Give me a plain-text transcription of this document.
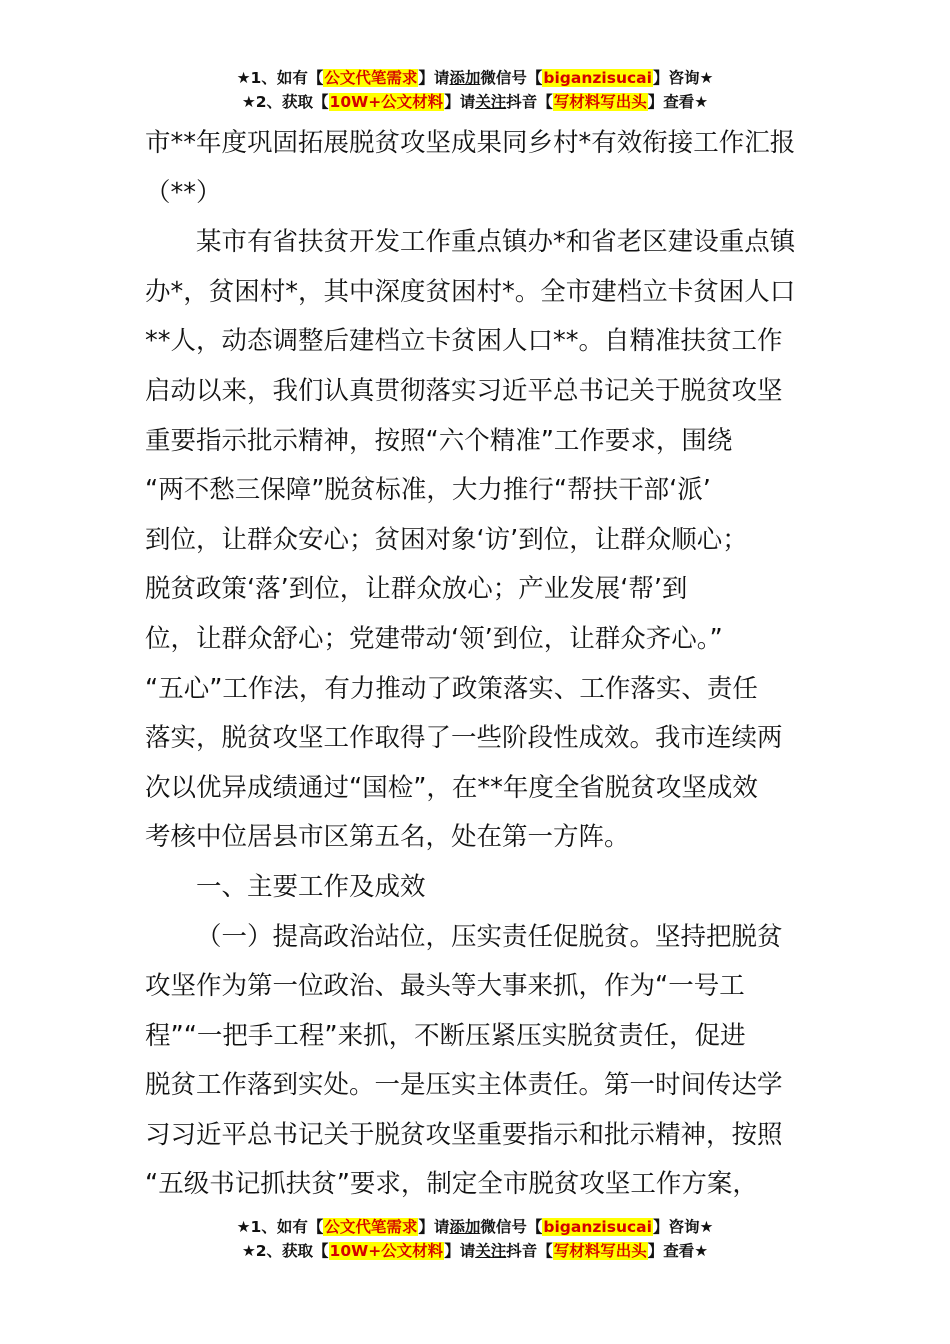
★1、如有【公文代笔需求】请添加微信号【biganzisucai】咨询★
★2、获取【10W+公文材料】请关注抖音【写材料写出头】查看★

市**年度巩固拓展脱贫攻坚成果同乡村*有效衔接工作汇报

（**）

某市有省扶贫开发工作重点镇办*和省老区建设重点镇

办*，贫困村*，其中深度贫困村*。全市建档立卡贫困人口

**人，动态调整后建档立卡贫困人口**。自精准扶贫工作

启动以来，我们认真贯彻落实习近平总书记关于脱贫攻坚

重要指示批示精神，按照“六个精准”工作要求，围绕

“两不愁三保障”脱贫标准，大力推行“帮扶干部‘派’

到位，让群众安心；贫困对象‘访’到位，让群众顺心；

脱贫政策‘落’到位，让群众放心；产业发展‘帮’到

位，让群众舒心；党建带动‘领’到位，让群众齐心。”

“五心”工作法，有力推动了政策落实、工作落实、责任

落实，脱贫攻坚工作取得了一些阶段性成效。我市连续两

次以优异成绩通过“国检”，在**年度全省脱贫攻坚成效

考核中位居县市区第五名，处在第一方阵。

一、主要工作及成效

（一）提高政治站位，压实责任促脱贫。坚持把脱贫

攻坚作为第一位政治、最头等大事来抓，作为“一号工

程”“一把手工程”来抓，不断压紧压实脱贫责任，促进

脱贫工作落到实处。一是压实主体责任。第一时间传达学

习习近平总书记关于脱贫攻坚重要指示和批示精神，按照

“五级书记抓扶贫”要求，制定全市脱贫攻坚工作方案，

★1、如有【公文代笔需求】请添加微信号【biganzisucai】咨询★
★2、获取【10W+公文材料】请关注抖音【写材料写出头】查看★
